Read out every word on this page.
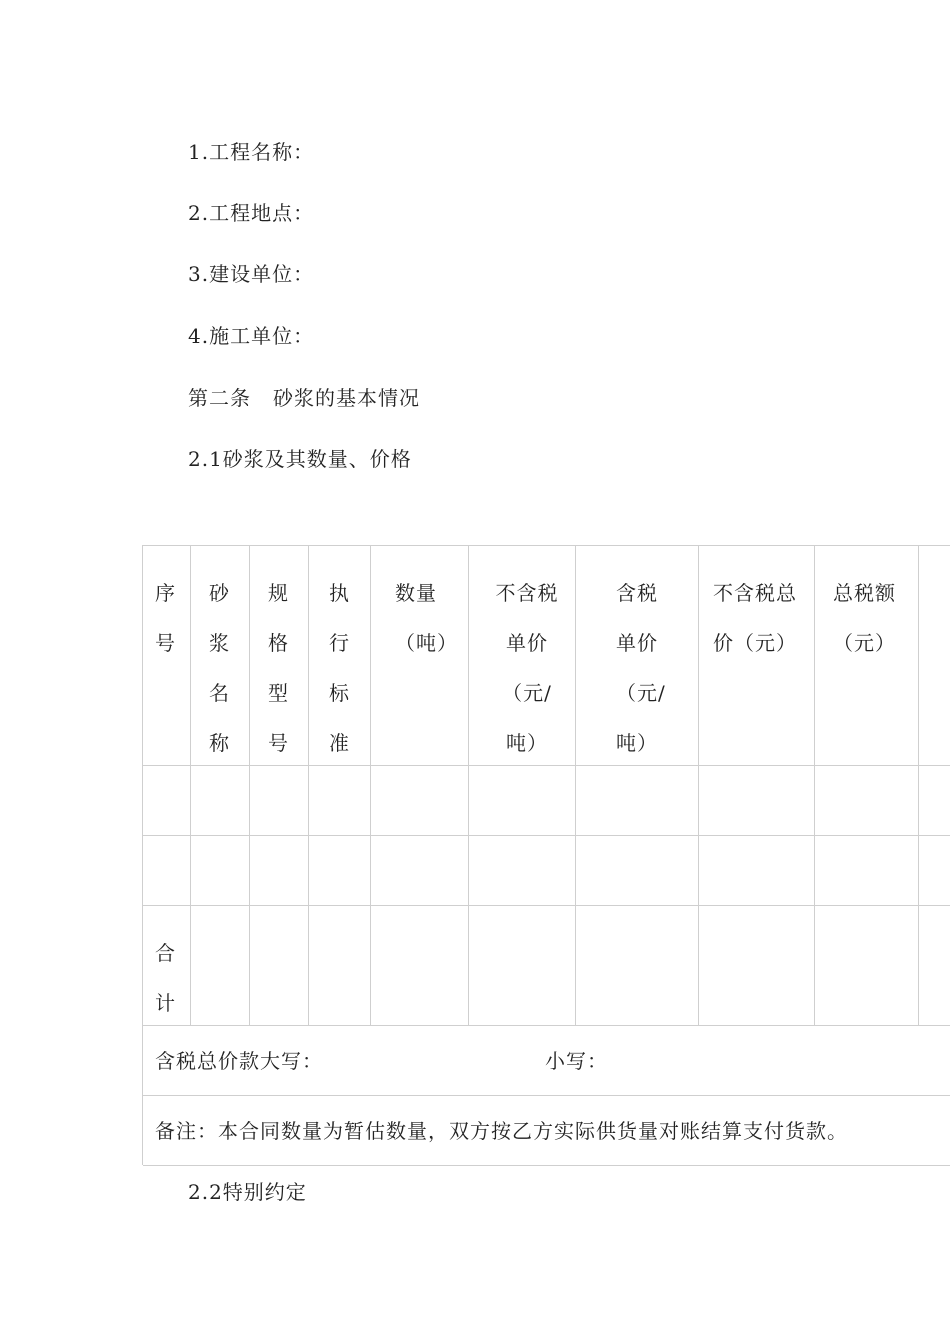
1.工程名称：
2.工程地点：
3.建设单位：
4.施工单位：
第二条 砂浆的基本情况
2.1砂浆及其数量、价格
序
号
砂
浆
名
称
规
格
型
号
执
行
标
准
数量
（吨）
不含税
单价
（元/
吨）
含税
单价
（元/
吨）
不含税总
价（元）
总税额
（元）
合
计
含税总价款大写：	小写：
备注：本合同数量为暂估数量，双方按乙方实际供货量对账结算支付货款。
2.2特别约定
